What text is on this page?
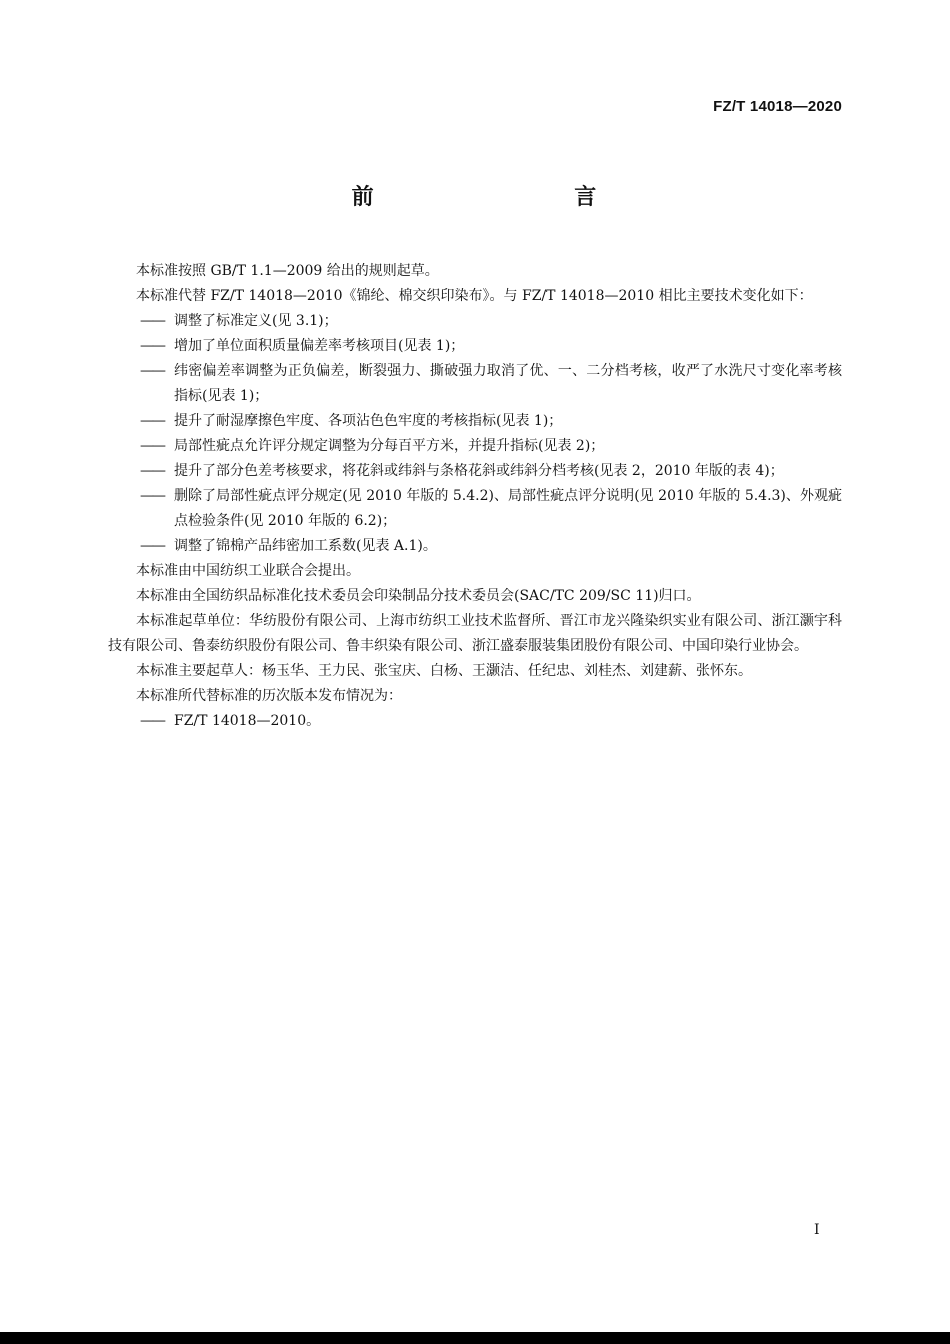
FZ/T 14018—2020
前    言

本标准按照 GB/T 1.1—2009 给出的规则起草。

本标准代替 FZ/T 14018—2010《锦纶、棉交织印染布》。与 FZ/T 14018—2010 相比主要技术变化如下：

—— 调整了标准定义(见 3.1)；

—— 增加了单位面积质量偏差率考核项目(见表 1)；

—— 纬密偏差率调整为正负偏差，断裂强力、撕破强力取消了优、一、二分档考核，收严了水洗尺寸变化率考核指标(见表 1)；

—— 提升了耐湿摩擦色牢度、各项沾色色牢度的考核指标(见表 1)；

—— 局部性疵点允许评分规定调整为分每百平方米，并提升指标(见表 2)；

—— 提升了部分色差考核要求，将花斜或纬斜与条格花斜或纬斜分档考核(见表 2，2010 年版的表 4)；

—— 删除了局部性疵点评分规定(见 2010 年版的 5.4.2)、局部性疵点评分说明(见 2010 年版的 5.4.3)、外观疵点检验条件(见 2010 年版的 6.2)；

—— 调整了锦棉产品纬密加工系数(见表 A.1)。

本标准由中国纺织工业联合会提出。

本标准由全国纺织品标准化技术委员会印染制品分技术委员会(SAC/TC 209/SC 11)归口。

本标准起草单位：华纺股份有限公司、上海市纺织工业技术监督所、晋江市龙兴隆染织实业有限公司、浙江灏宇科技有限公司、鲁泰纺织股份有限公司、鲁丰织染有限公司、浙江盛泰服装集团股份有限公司、中国印染行业协会。

本标准主要起草人：杨玉华、王力民、张宝庆、白杨、王灏洁、任纪忠、刘桂杰、刘建薪、张怀东。

本标准所代替标准的历次版本发布情况为：

—— FZ/T 14018—2010。

I
